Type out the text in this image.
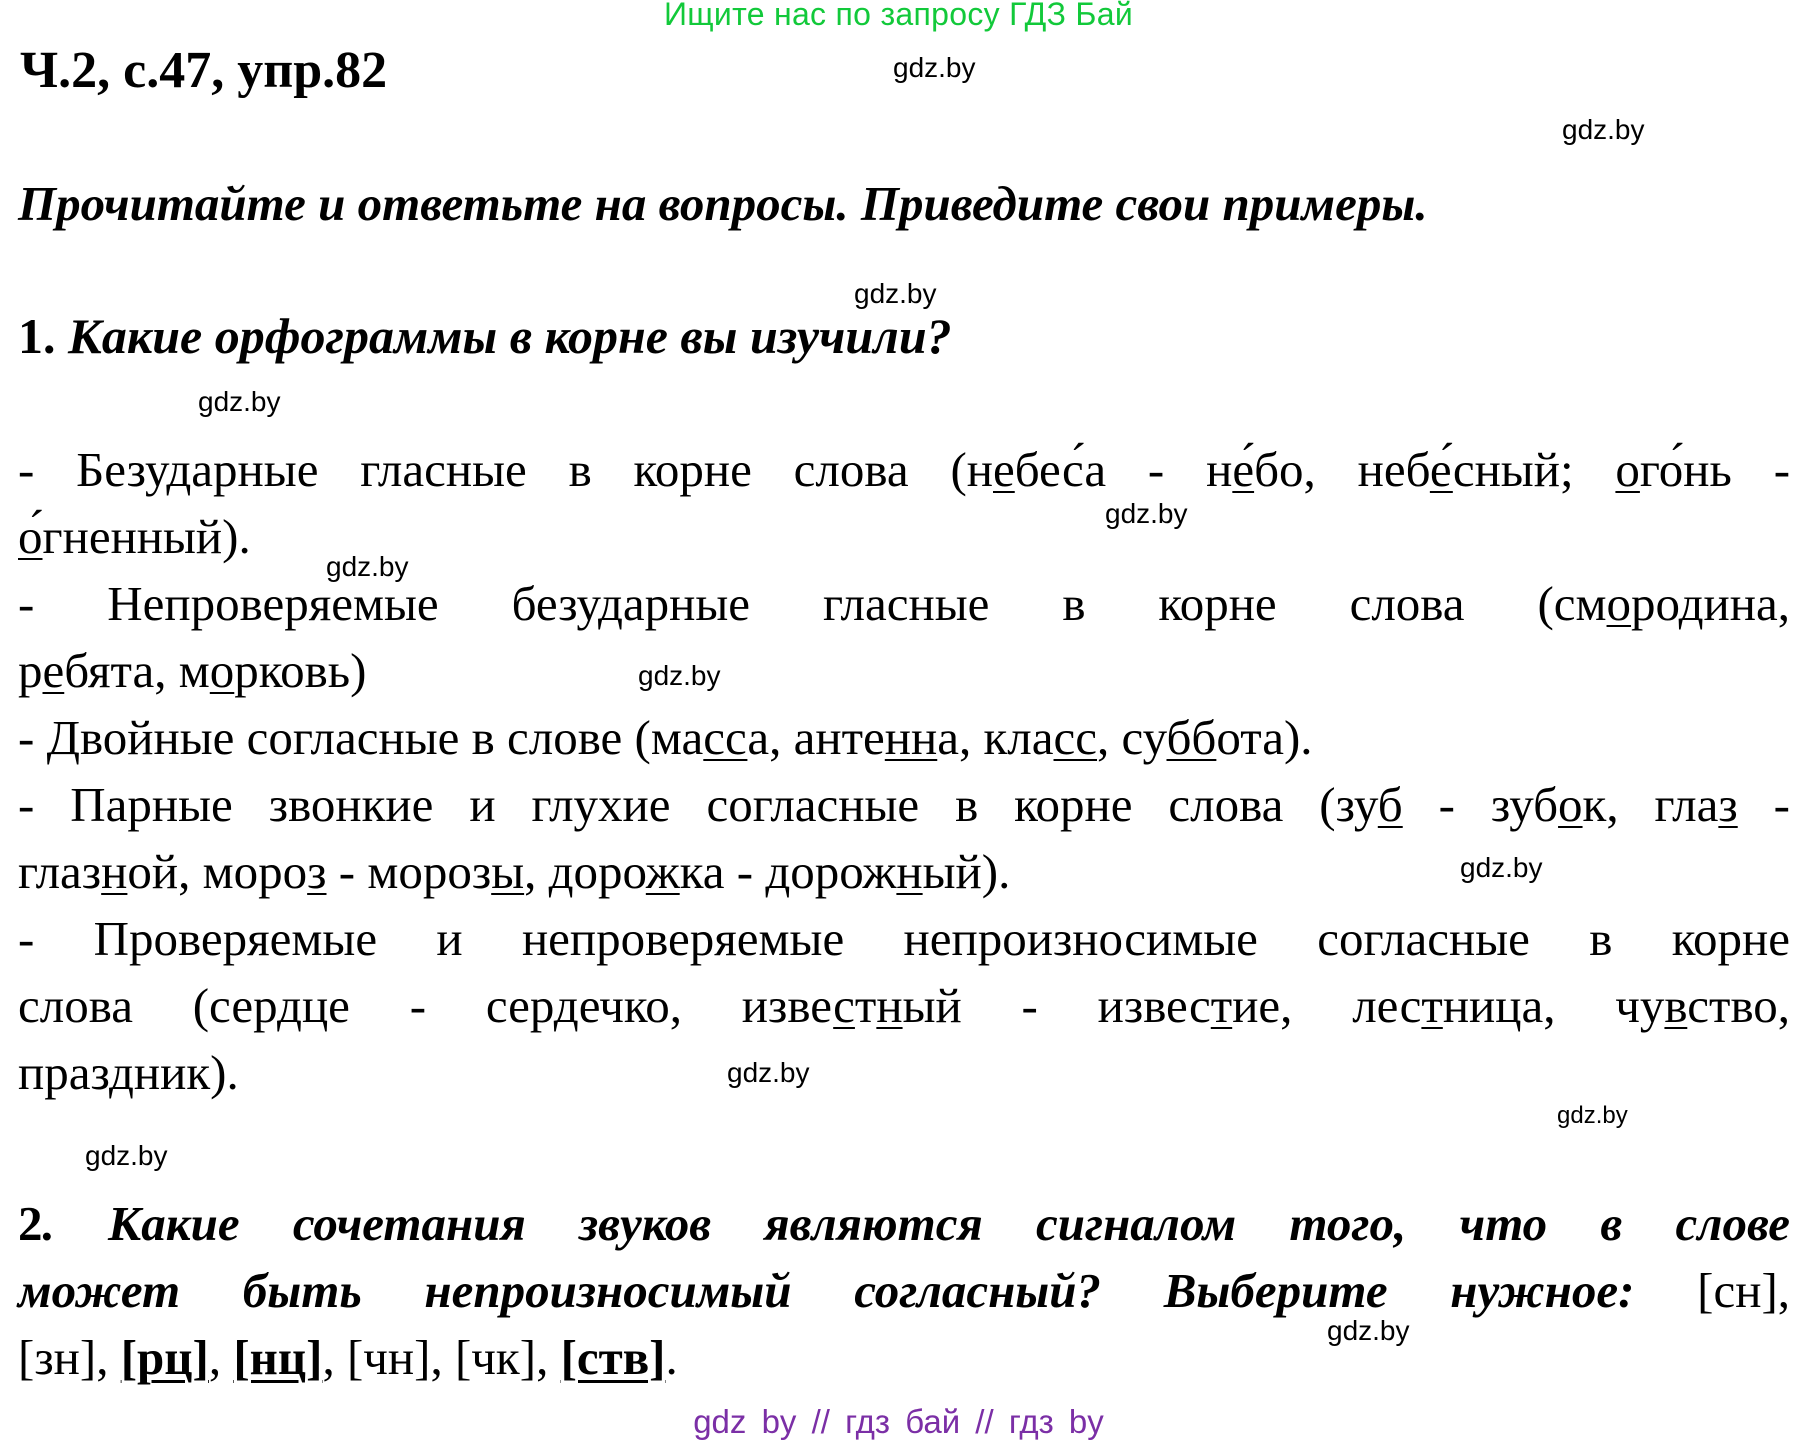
Ищите нас по запросу ГДЗ Бай
Ч.2, с.47, упр.82
Прочитайте и ответьте на вопросы. Приведите свои примеры.
gdz.by
gdz.by
gdz.by
gdz.by
gdz.by
gdz.by
gdz.by
gdz.by
gdz.by
gdz.by
gdz.by
gdz.by
1. Какие орфограммы в корне вы изучили?
- Безударные гласные в корне слова (небес́а - не́бо, небе́сный; ого́нь -
о́гненный).
- Непроверяемые безударные гласные в корне слова (смородина,
ребята, морковь)
- Двойные согласные в слове (масса, антенна, класс, суббота).
- Парные звонкие и глухие согласные в корне слова (зуб - зубок, глаз -
глазной, мороз - морозы, дорожка - дорожный).
- Проверяемые и непроверяемые непроизносимые согласные в корне
слова (сердце - сердечко, известный - известие, лестница, чувство,
праздник).
2. Какие сочетания звуков являются сигналом того, что в слове
может быть непроизносимый согласный? Выберите нужное: [сн],
[зн], [рц], [нц], [чн], [чк], [ств].
gdz by // гдз бай // гдз by
